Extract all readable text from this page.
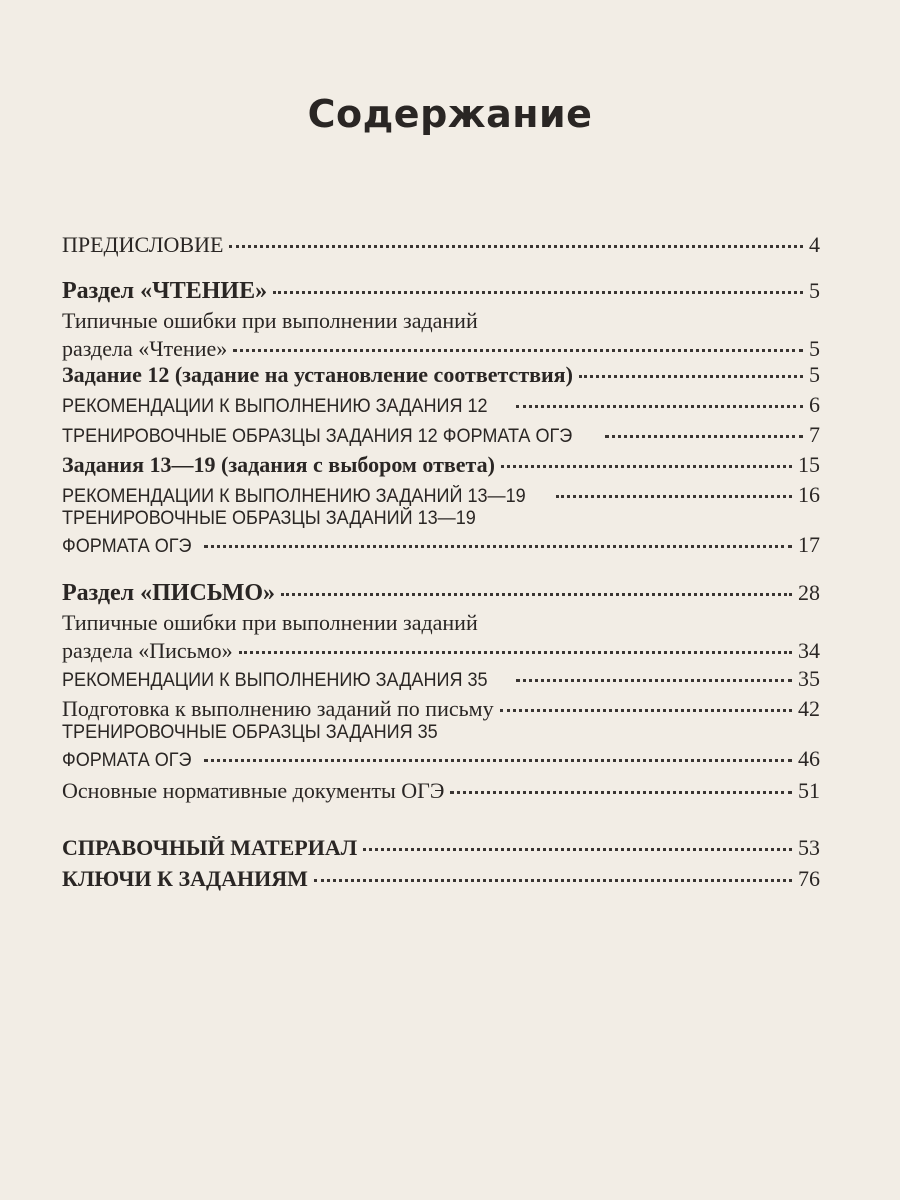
Содержание
ПРЕДИСЛОВИЕ	4
Раздел «ЧТЕНИЕ»	5
Типичные ошибки при выполнении заданий
раздела «Чтение»	5
Задание 12 (задание на установление соответствия)	5
РЕКОМЕНДАЦИИ К ВЫПОЛНЕНИЮ ЗАДАНИЯ 12	6
ТРЕНИРОВОЧНЫЕ ОБРАЗЦЫ ЗАДАНИЯ 12 ФОРМАТА ОГЭ	7
Задания 13—19 (задания с выбором ответа)	15
РЕКОМЕНДАЦИИ К ВЫПОЛНЕНИЮ ЗАДАНИЙ 13—19	16
ТРЕНИРОВОЧНЫЕ ОБРАЗЦЫ ЗАДАНИЙ 13—19
ФОРМАТА ОГЭ	17
Раздел «ПИСЬМО»	28
Типичные ошибки при выполнении заданий
раздела «Письмо»	34
РЕКОМЕНДАЦИИ К ВЫПОЛНЕНИЮ ЗАДАНИЯ 35	35
Подготовка к выполнению заданий по письму	42
ТРЕНИРОВОЧНЫЕ ОБРАЗЦЫ ЗАДАНИЯ 35
ФОРМАТА ОГЭ	46
Основные нормативные документы ОГЭ	51
СПРАВОЧНЫЙ МАТЕРИАЛ	53
КЛЮЧИ К ЗАДАНИЯМ	76
